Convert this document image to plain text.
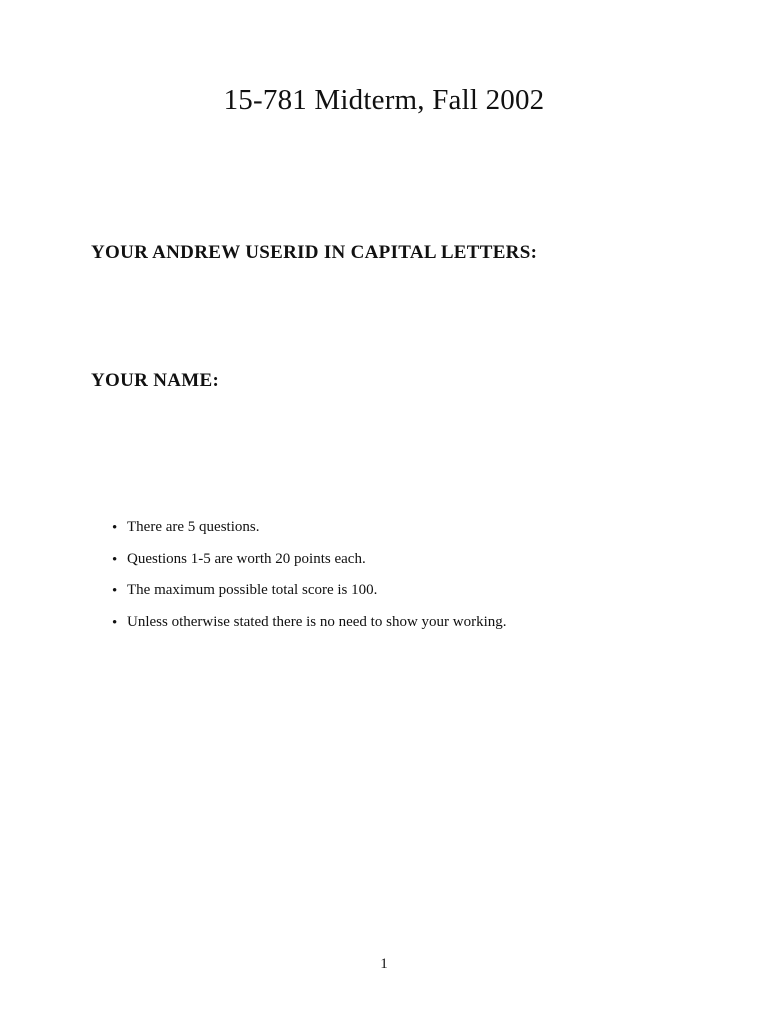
15-781 Midterm, Fall 2002

YOUR ANDREW USERID IN CAPITAL LETTERS:

YOUR NAME:

• There are 5 questions.
• Questions 1-5 are worth 20 points each.
• The maximum possible total score is 100.
• Unless otherwise stated there is no need to show your working.
1
